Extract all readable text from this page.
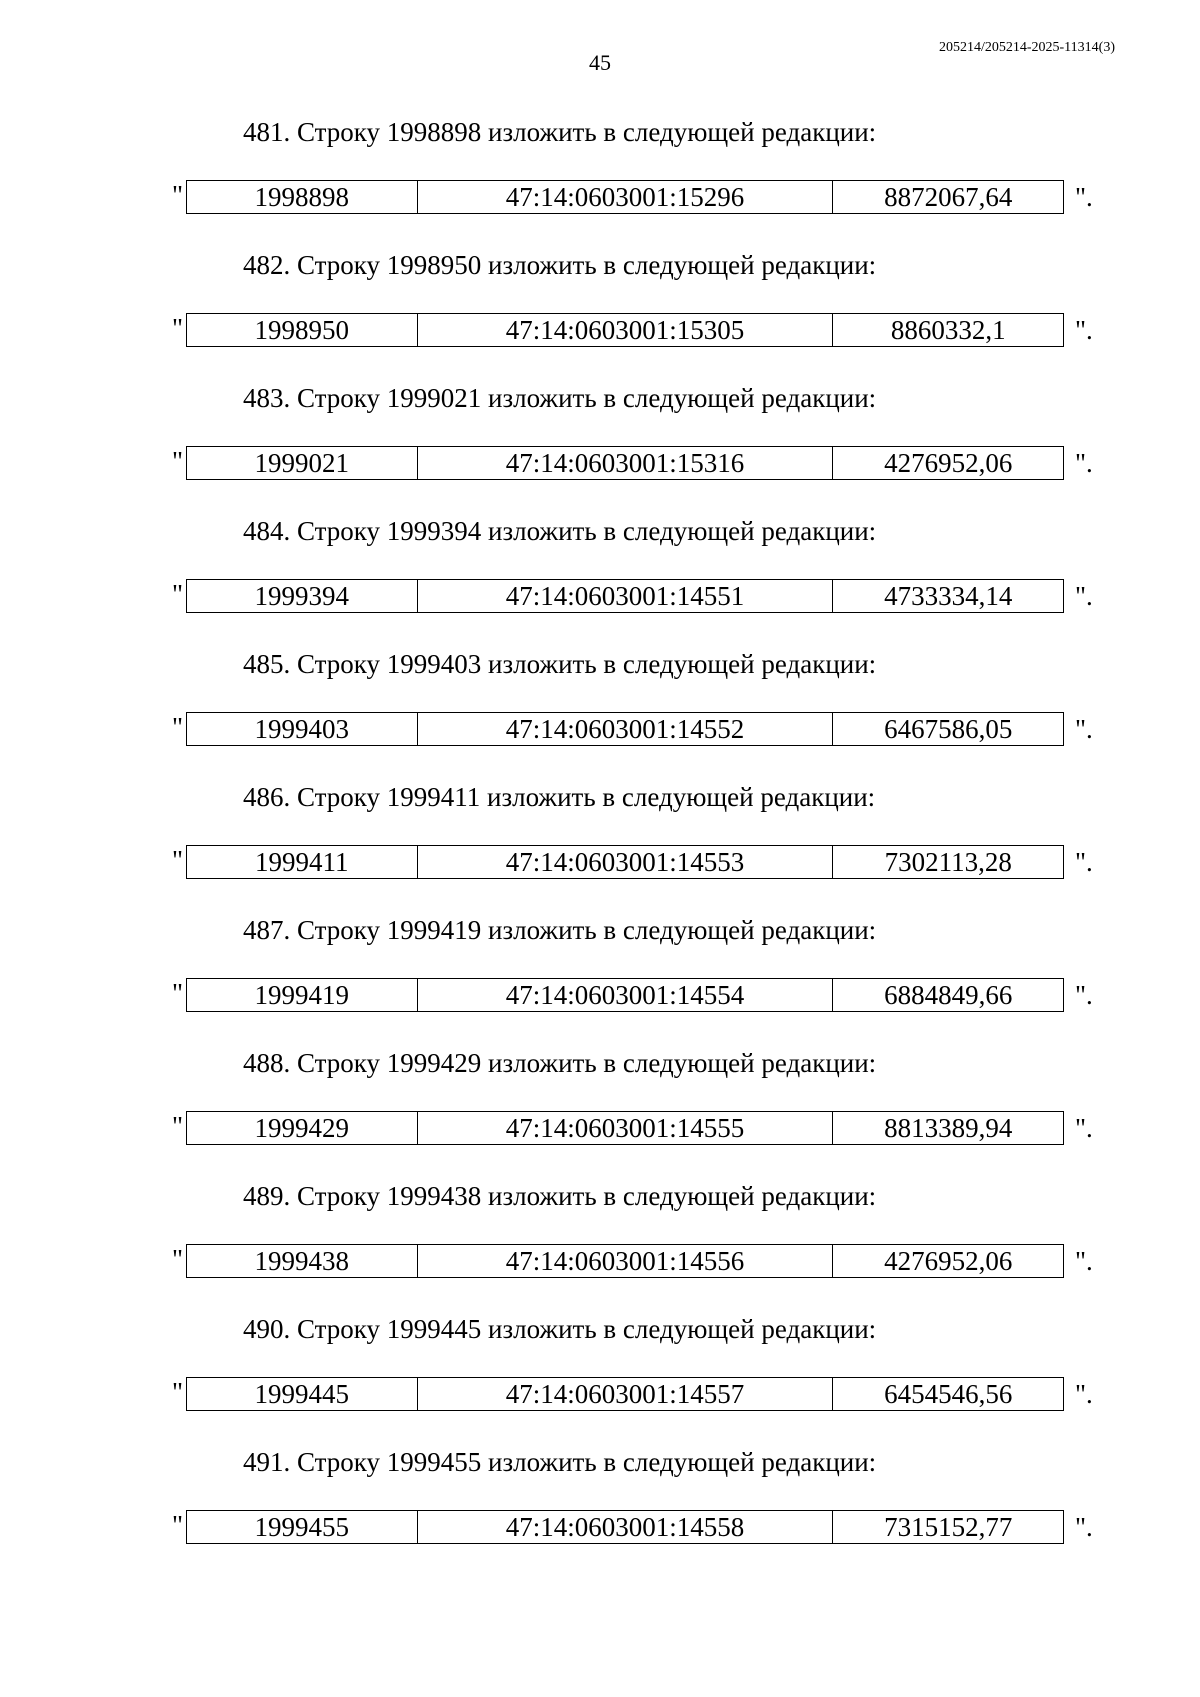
45
205214/205214-2025-11314(3)
481. Строку 1998898 изложить в следующей редакции:
"	1998898	47:14:0603001:15296	8872067,64 ".
482. Строку 1998950 изложить в следующей редакции:
"	1998950	47:14:0603001:15305	8860332,1	".
483. Строку 1999021 изложить в следующей редакции:
"	1999021	47:14:0603001:15316	4276952,06 ".
484. Строку 1999394 изложить в следующей редакции:
"	1999394	47:14:0603001:14551	4733334,14 ".
485. Строку 1999403 изложить в следующей редакции:
"	1999403	47:14:0603001:14552	6467586,05 ".
486. Строку 1999411 изложить в следующей редакции:
"	1999411	47:14:0603001:14553	7302113,28 ".
487. Строку 1999419 изложить в следующей редакции:
"	1999419	47:14:0603001:14554	6884849,66 ".
488. Строку 1999429 изложить в следующей редакции:
"	1999429	47:14:0603001:14555	8813389,94 ".
489. Строку 1999438 изложить в следующей редакции:
"	1999438	47:14:0603001:14556	4276952,06 ".
490. Строку 1999445 изложить в следующей редакции:
"	1999445	47:14:0603001:14557	6454546,56 ".
491. Строку 1999455 изложить в следующей редакции:
"	1999455	47:14:0603001:14558	7315152,77 ".
